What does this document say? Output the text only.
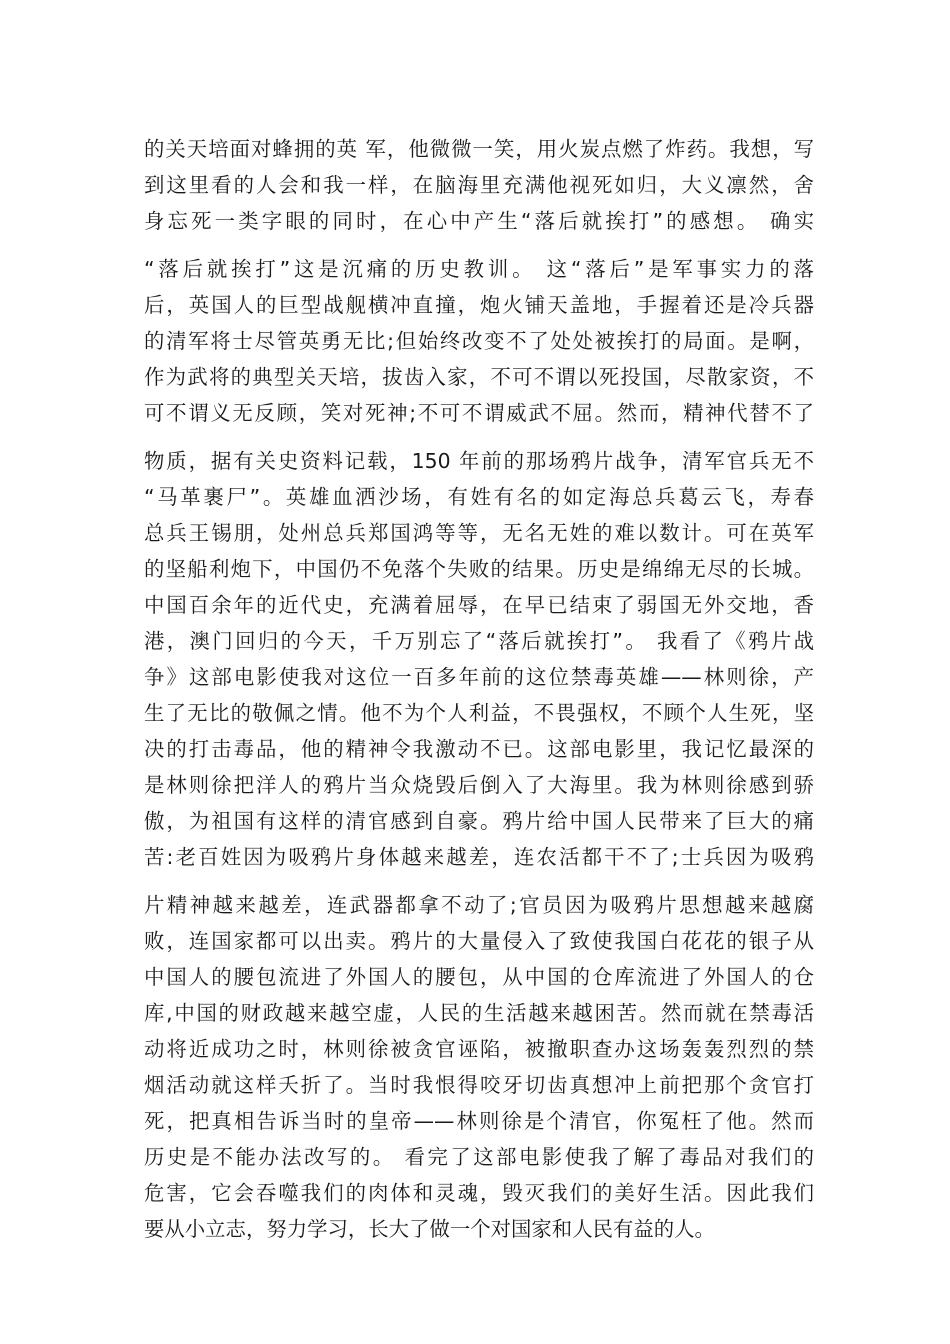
的关天培面对蜂拥的英 军，他微微一笑，用火炭点燃了炸药。我想，写
到这里看的人会和我一样，在脑海里充满他视死如归，大义凛然，舍
身忘死一类字眼的同时，在心中产生“落后就挨打”的感想。 确实
“落后就挨打”这是沉痛的历史教训。 这“落后”是军事实力的落
后，英国人的巨型战舰横冲直撞，炮火铺天盖地，手握着还是冷兵器
的清军将士尽管英勇无比;但始终改变不了处处被挨打的局面。是啊，
作为武将的典型关天培，拔齿入家，不可不谓以死投国，尽散家资，不
可不谓义无反顾，笑对死神;不可不谓威武不屈。然而，精神代替不了
物质，据有关史资料记载，150 年前的那场鸦片战争，清军官兵无不
“马革裹尸”。英雄血洒沙场，有姓有名的如定海总兵葛云飞，寿春
总兵王锡朋，处州总兵郑国鸿等等，无名无姓的难以数计。可在英军
的坚船利炮下，中国仍不免落个失败的结果。历史是绵绵无尽的长城。
中国百余年的近代史，充满着屈辱，在早已结束了弱国无外交地，香
港，澳门回归的今天，千万别忘了“落后就挨打”。 我看了《鸦片战
争》这部电影使我对这位一百多年前的这位禁毒英雄——林则徐，产
生了无比的敬佩之情。他不为个人利益，不畏强权，不顾个人生死，坚
决的打击毒品，他的精神令我激动不已。这部电影里，我记忆最深的
是林则徐把洋人的鸦片当众烧毁后倒入了大海里。我为林则徐感到骄
傲，为祖国有这样的清官感到自豪。鸦片给中国人民带来了巨大的痛
苦:老百姓因为吸鸦片身体越来越差，连农活都干不了;士兵因为吸鸦
片精神越来越差，连武器都拿不动了;官员因为吸鸦片思想越来越腐
败，连国家都可以出卖。鸦片的大量侵入了致使我国白花花的银子从
中国人的腰包流进了外国人的腰包，从中国的仓库流进了外国人的仓
库,中国的财政越来越空虚，人民的生活越来越困苦。然而就在禁毒活
动将近成功之时，林则徐被贪官诬陷，被撤职查办这场轰轰烈烈的禁
烟活动就这样夭折了。当时我恨得咬牙切齿真想冲上前把那个贪官打
死，把真相告诉当时的皇帝——林则徐是个清官，你冤枉了他。然而
历史是不能办法改写的。 看完了这部电影使我了解了毒品对我们的
危害，它会吞噬我们的肉体和灵魂，毁灭我们的美好生活。因此我们
要从小立志，努力学习，长大了做一个对国家和人民有益的人。
